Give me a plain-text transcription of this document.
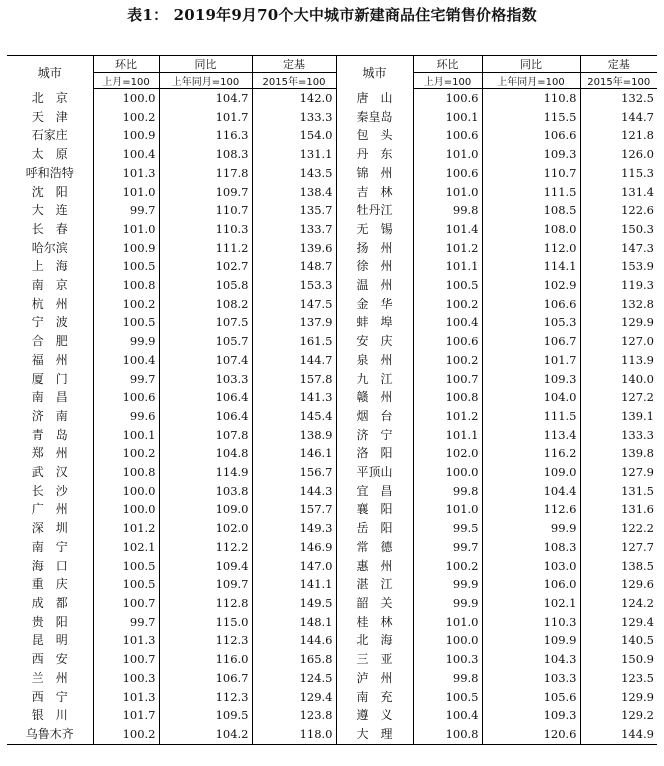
表1： 2019年9月70个大中城市新建商品住宅销售价格指数
城市	环比	同比	定基	城市	环比	同比	定基
	上月=100	上年同月=100	2015年=100		上月=100	上年同月=100	2015年=100
北　京	100.0	104.7	142.0	唐　山	100.6	110.8	132.5
天　津	100.2	101.7	133.3	秦皇岛	100.1	115.5	144.7
石家庄	100.9	116.3	154.0	包　头	100.6	106.6	121.8
太　原	100.4	108.3	131.1	丹　东	101.0	109.3	126.0
呼和浩特	101.3	117.8	143.5	锦　州	100.6	110.7	115.3
沈　阳	101.0	109.7	138.4	吉　林	101.0	111.5	131.4
大　连	99.7	110.7	135.7	牡丹江	99.8	108.5	122.6
长　春	101.0	110.3	133.7	无　锡	101.4	108.0	150.3
哈尔滨	100.9	111.2	139.6	扬　州	101.2	112.0	147.3
上　海	100.5	102.7	148.7	徐　州	101.1	114.1	153.9
南　京	100.8	105.8	153.3	温　州	100.5	102.9	119.3
杭　州	100.2	108.2	147.5	金　华	100.2	106.6	132.8
宁　波	100.5	107.5	137.9	蚌　埠	100.4	105.3	129.9
合　肥	99.9	105.7	161.5	安　庆	100.6	106.7	127.0
福　州	100.4	107.4	144.7	泉　州	100.2	101.7	113.9
厦　门	99.7	103.3	157.8	九　江	100.7	109.3	140.0
南　昌	100.6	106.4	141.3	赣　州	100.8	104.0	127.2
济　南	99.6	106.4	145.4	烟　台	101.2	111.5	139.1
青　岛	100.1	107.8	138.9	济　宁	101.1	113.4	133.3
郑　州	100.2	104.8	146.1	洛　阳	102.0	116.2	139.8
武　汉	100.8	114.9	156.7	平顶山	100.0	109.0	127.9
长　沙	100.0	103.8	144.3	宜　昌	99.8	104.4	131.5
广　州	100.0	109.0	157.7	襄　阳	101.0	112.6	131.6
深　圳	101.2	102.0	149.3	岳　阳	99.5	99.9	122.2
南　宁	102.1	112.2	146.9	常　德	99.7	108.3	127.7
海　口	100.5	109.4	147.0	惠　州	100.2	103.0	138.5
重　庆	100.5	109.7	141.1	湛　江	99.9	106.0	129.6
成　都	100.7	112.8	149.5	韶　关	99.9	102.1	124.2
贵　阳	99.7	115.0	148.1	桂　林	101.0	110.3	129.4
昆　明	101.3	112.3	144.6	北　海	100.0	109.9	140.5
西　安	100.7	116.0	165.8	三　亚	100.3	104.3	150.9
兰　州	100.3	106.7	124.5	泸　州	99.8	103.3	123.5
西　宁	101.3	112.3	129.4	南　充	100.5	105.6	129.9
银　川	101.7	109.5	123.8	遵　义	100.4	109.3	129.2
乌鲁木齐	100.2	104.2	118.0	大　理	100.8	120.6	144.9
